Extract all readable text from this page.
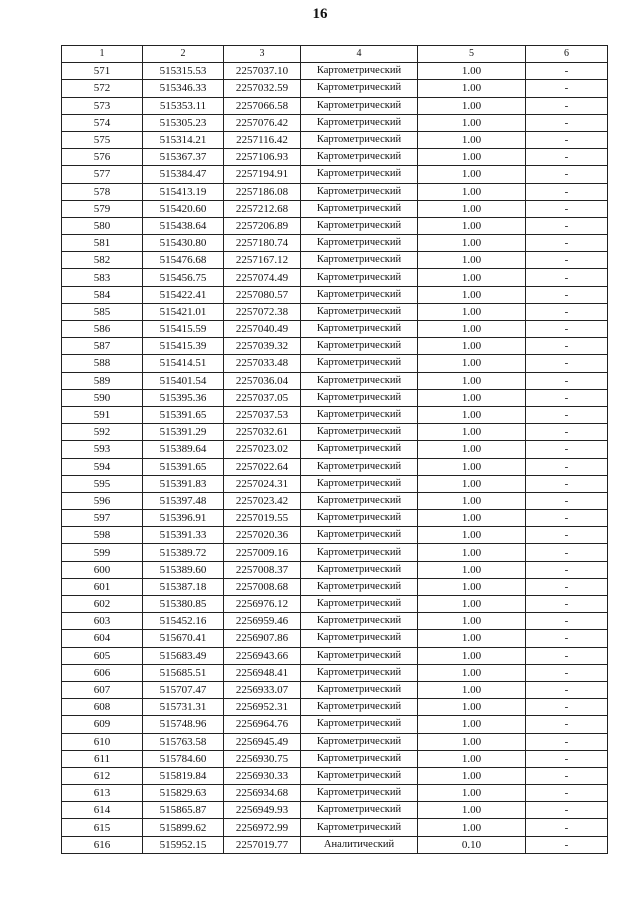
16
1	2	3	4	5	6
571	515315.53	2257037.10	Картометрический	1.00	-
572	515346.33	2257032.59	Картометрический	1.00	-
573	515353.11	2257066.58	Картометрический	1.00	-
574	515305.23	2257076.42	Картометрический	1.00	-
575	515314.21	2257116.42	Картометрический	1.00	-
576	515367.37	2257106.93	Картометрический	1.00	-
577	515384.47	2257194.91	Картометрический	1.00	-
578	515413.19	2257186.08	Картометрический	1.00	-
579	515420.60	2257212.68	Картометрический	1.00	-
580	515438.64	2257206.89	Картометрический	1.00	-
581	515430.80	2257180.74	Картометрический	1.00	-
582	515476.68	2257167.12	Картометрический	1.00	-
583	515456.75	2257074.49	Картометрический	1.00	-
584	515422.41	2257080.57	Картометрический	1.00	-
585	515421.01	2257072.38	Картометрический	1.00	-
586	515415.59	2257040.49	Картометрический	1.00	-
587	515415.39	2257039.32	Картометрический	1.00	-
588	515414.51	2257033.48	Картометрический	1.00	-
589	515401.54	2257036.04	Картометрический	1.00	-
590	515395.36	2257037.05	Картометрический	1.00	-
591	515391.65	2257037.53	Картометрический	1.00	-
592	515391.29	2257032.61	Картометрический	1.00	-
593	515389.64	2257023.02	Картометрический	1.00	-
594	515391.65	2257022.64	Картометрический	1.00	-
595	515391.83	2257024.31	Картометрический	1.00	-
596	515397.48	2257023.42	Картометрический	1.00	-
597	515396.91	2257019.55	Картометрический	1.00	-
598	515391.33	2257020.36	Картометрический	1.00	-
599	515389.72	2257009.16	Картометрический	1.00	-
600	515389.60	2257008.37	Картометрический	1.00	-
601	515387.18	2257008.68	Картометрический	1.00	-
602	515380.85	2256976.12	Картометрический	1.00	-
603	515452.16	2256959.46	Картометрический	1.00	-
604	515670.41	2256907.86	Картометрический	1.00	-
605	515683.49	2256943.66	Картометрический	1.00	-
606	515685.51	2256948.41	Картометрический	1.00	-
607	515707.47	2256933.07	Картометрический	1.00	-
608	515731.31	2256952.31	Картометрический	1.00	-
609	515748.96	2256964.76	Картометрический	1.00	-
610	515763.58	2256945.49	Картометрический	1.00	-
611	515784.60	2256930.75	Картометрический	1.00	-
612	515819.84	2256930.33	Картометрический	1.00	-
613	515829.63	2256934.68	Картометрический	1.00	-
614	515865.87	2256949.93	Картометрический	1.00	-
615	515899.62	2256972.99	Картометрический	1.00	-
616	515952.15	2257019.77	Аналитический	0.10	-
